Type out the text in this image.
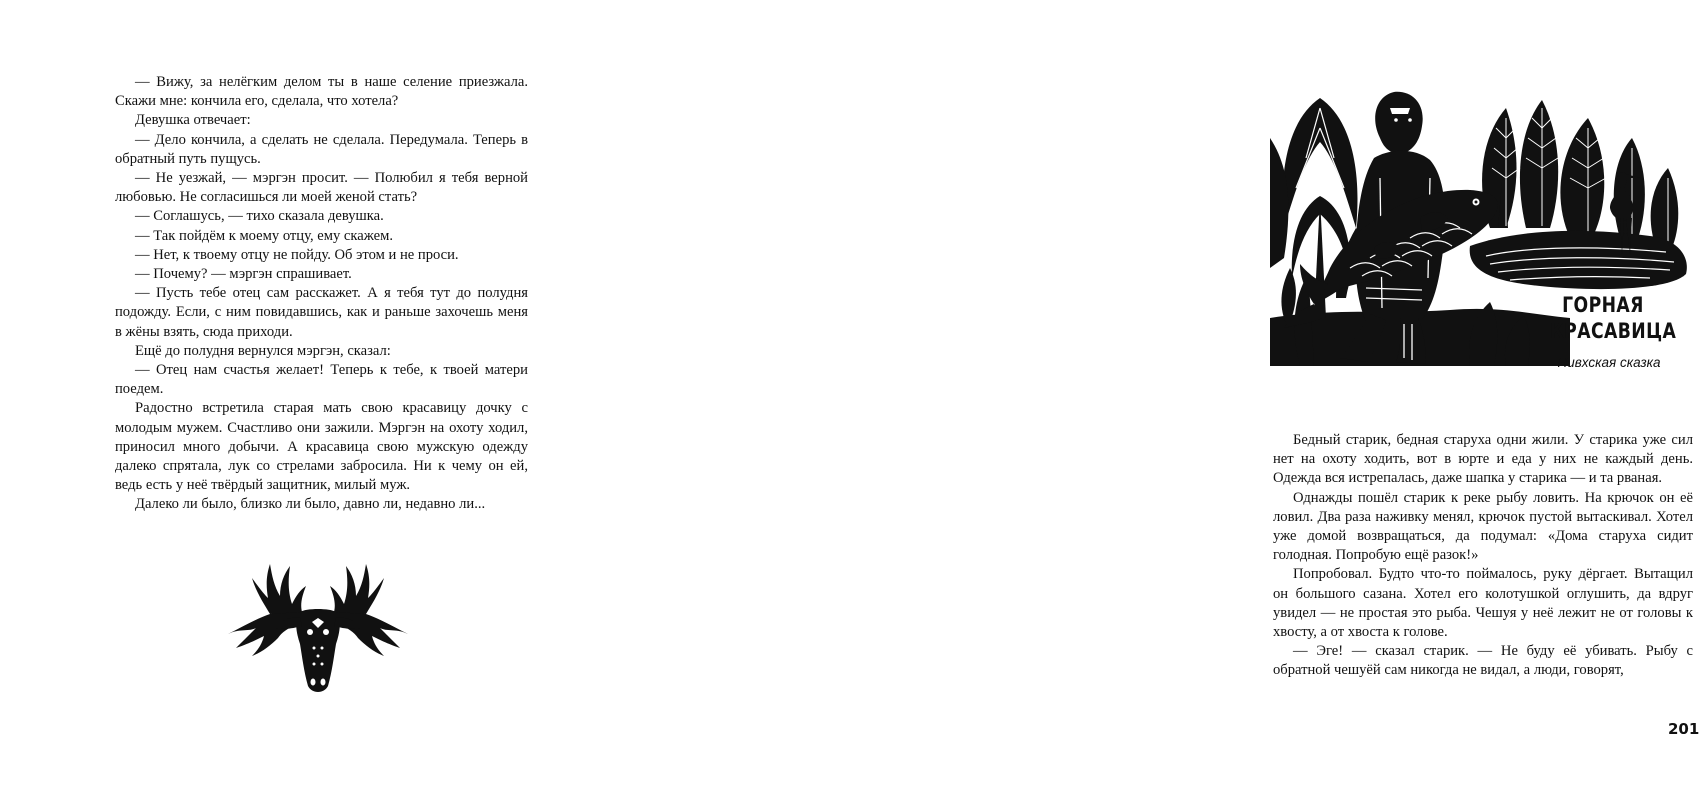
— Вижу, за нелёгким делом ты в наше селение приезжала. Скажи мне: кончила его, сделала, что хотела?

Девушка отвечает:

— Дело кончила, а сделать не сделала. Передумала. Теперь в обратный путь пущусь.

— Не уезжай, — мэргэн просит. — Полюбил я тебя верной любовью. Не согласишься ли моей женой стать?

— Соглашусь, — тихо сказала девушка.

— Так пойдём к моему отцу, ему скажем.

— Нет, к твоему отцу не пойду. Об этом и не проси.

— Почему? — мэргэн спрашивает.

— Пусть тебе отец сам расскажет. А я тебя тут до полудня подожду. Если, с ним повидавшись, как и раньше захочешь меня в жёны взять, сюда приходи.

Ещё до полудня вернулся мэргэн, сказал:

— Отец нам счастья желает! Теперь к тебе, к твоей матери поедем.

Радостно встретила старая мать свою красавицу дочку с молодым мужем. Счастливо они зажили. Мэргэн на охоту ходил, приносил много добычи. А красавица свою мужскую одежду далеко спрятала, лук со стрелами забросила. Ни к чему он ей, ведь есть у неё твёрдый защитник, милый муж.

Далеко ли было, близко ли было, давно ли, недавно ли...

ГОРНАЯ
КРАСАВИЦА
Нивхская сказка

Бедный старик, бедная старуха одни жили. У старика уже сил нет на охоту ходить, вот в юрте и еда у них не каждый день. Одежда вся истрепалась, даже шапка у старика — и та рваная.

Однажды пошёл старик к реке рыбу ловить. На крючок он её ловил. Два раза наживку менял, крючок пустой вытаскивал. Хотел уже домой возвращаться, да подумал: «Дома старуха сидит голодная. Попробую ещё разок!»

Попробовал. Будто что-то поймалось, руку дёргает. Вытащил он большого сазана. Хотел его колотушкой оглушить, да вдруг увидел — не простая это рыба. Чешуя у неё лежит не от головы к хвосту, а от хвоста к голове.

— Эге! — сказал старик. — Не буду её убивать. Рыбу с обратной чешуёй сам никогда не видал, а люди, говорят,

201
